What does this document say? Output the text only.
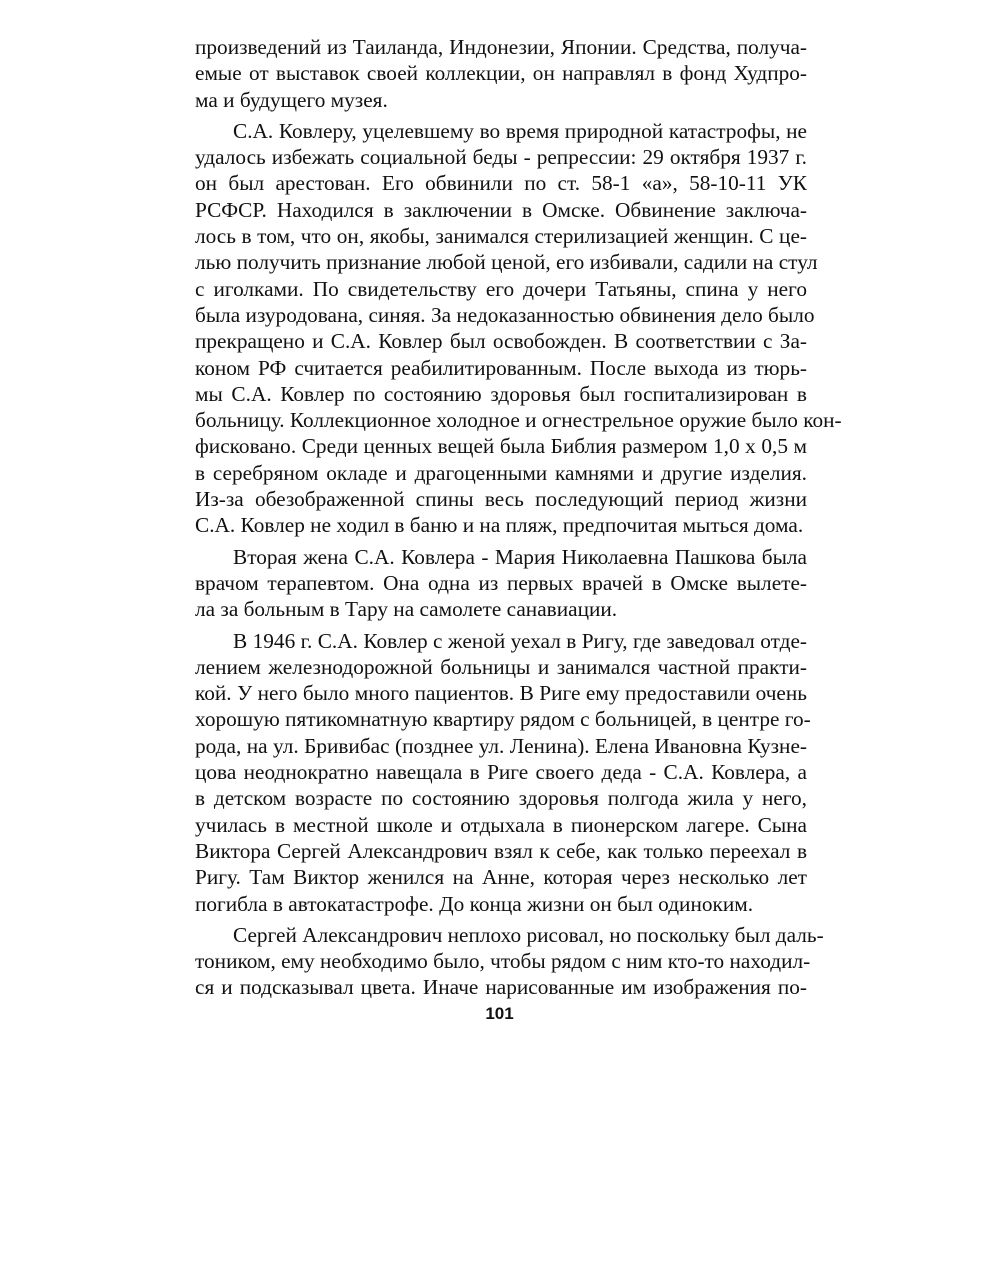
произведений из Таиланда, Индонезии, Японии. Средства, получа-
емые от выставок своей коллекции, он направлял в фонд Худпро-
ма и будущего музея.
С.А. Ковлеру, уцелевшему во время природной катастрофы, не
удалось избежать социальной беды - репрессии: 29 октября 1937 г.
он был арестован. Его обвинили по ст. 58-1 «а», 58-10-11 УК
РСФСР. Находился в заключении в Омске. Обвинение заключа-
лось в том, что он, якобы, занимался стерилизацией женщин. С це-
лью получить признание любой ценой, его избивали, садили на стул
с иголками. По свидетельству его дочери Татьяны, спина у него
была изуродована, синяя. За недоказанностью обвинения дело было
прекращено и С.А. Ковлер был освобожден. В соответствии с За-
коном РФ считается реабилитированным. После выхода из тюрь-
мы С.А. Ковлер по состоянию здоровья был госпитализирован в
больницу. Коллекционное холодное и огнестрельное оружие было кон-
фисковано. Среди ценных вещей была Библия размером 1,0 х 0,5 м
в серебряном окладе и драгоценными камнями и другие изделия.
Из-за обезображенной спины весь последующий период жизни
С.А. Ковлер не ходил в баню и на пляж, предпочитая мыться дома.
Вторая жена С.А. Ковлера - Мария Николаевна Пашкова была
врачом терапевтом. Она одна из первых врачей в Омске вылете-
ла за больным в Тару на самолете санавиации.
В 1946 г. С.А. Ковлер с женой уехал в Ригу, где заведовал отде-
лением железнодорожной больницы и занимался частной практи-
кой. У него было много пациентов. В Риге ему предоставили очень
хорошую пятикомнатную квартиру рядом с больницей, в центре го-
рода, на ул. Бривибас (позднее ул. Ленина). Елена Ивановна Кузне-
цова неоднократно навещала в Риге своего деда - С.А. Ковлера, а
в детском возрасте по состоянию здоровья полгода жила у него,
училась в местной школе и отдыхала в пионерском лагере. Сына
Виктора Сергей Александрович взял к себе, как только переехал в
Ригу. Там Виктор женился на Анне, которая через несколько лет
погибла в автокатастрофе. До конца жизни он был одиноким.
Сергей Александрович неплохо рисовал, но поскольку был даль-
тоником, ему необходимо было, чтобы рядом с ним кто-то находил-
ся и подсказывал цвета. Иначе нарисованные им изображения по-
101
